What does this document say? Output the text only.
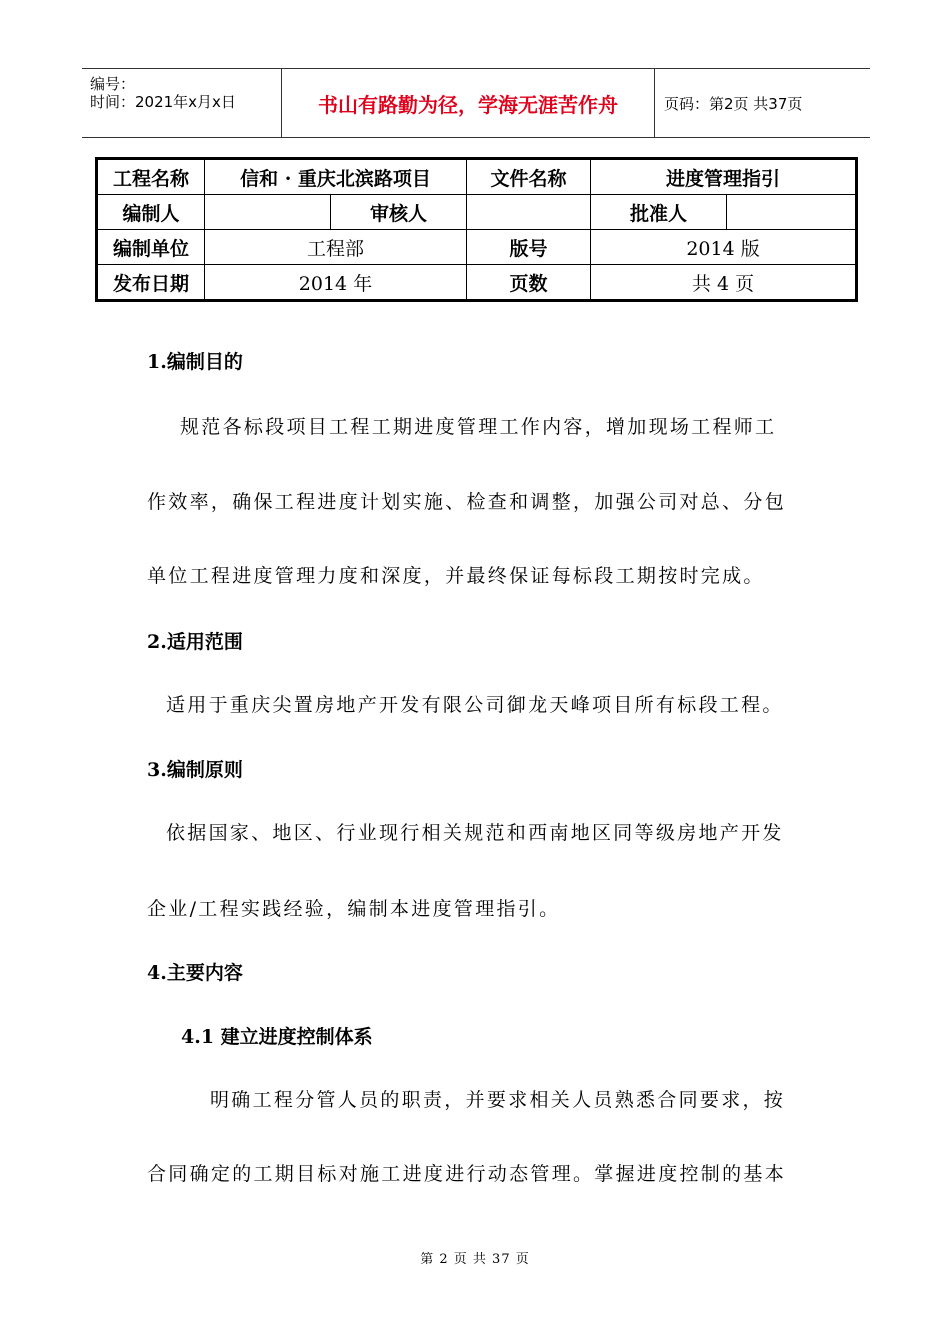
编号：
时间：2021年x月x日	书山有路勤为径，学海无涯苦作舟	页码：第2页 共37页
工程名称	信和 · 重庆北滨路项目		文件名称	进度管理指引	
编制人		审核人		批准人	
编制单位	工程部		版号	2014 版	
发布日期	2014 年		页数	共 4 页	
1.编制目的
规范各标段项目工程工期进度管理工作内容，增加现场工程师工
作效率，确保工程进度计划实施、检查和调整，加强公司对总、分包
单位工程进度管理力度和深度，并最终保证每标段工期按时完成。
2.适用范围
适用于重庆尖置房地产开发有限公司御龙天峰项目所有标段工程。
3.编制原则
依据国家、地区、行业现行相关规范和西南地区同等级房地产开发
企业/工程实践经验，编制本进度管理指引。
4.主要内容
4.1 建立进度控制体系
明确工程分管人员的职责，并要求相关人员熟悉合同要求，按
合同确定的工期目标对施工进度进行动态管理。掌握进度控制的基本
第 2 页 共 37 页
